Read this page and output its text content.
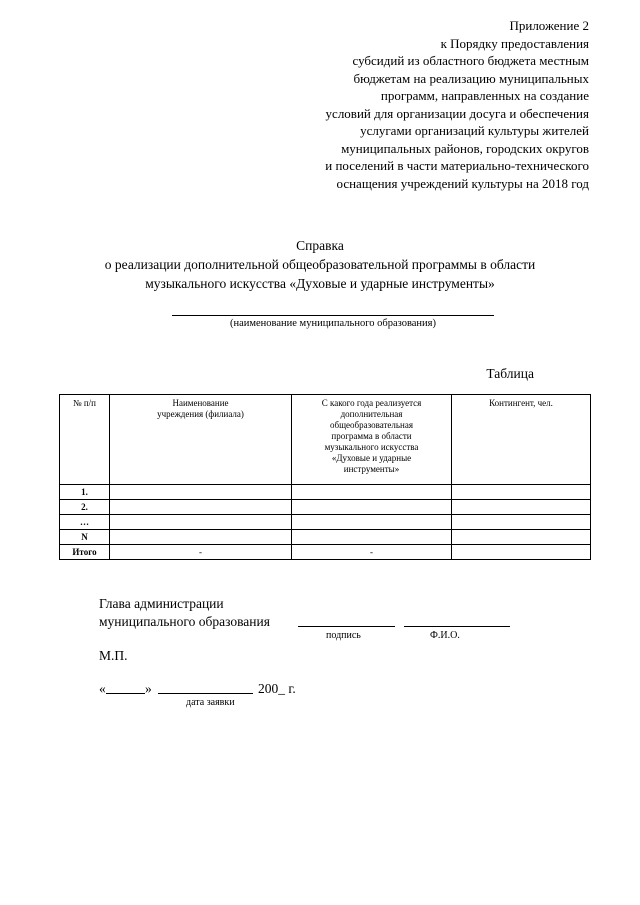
Приложение 2
к Порядку предоставления
субсидий из областного бюджета местным
бюджетам на реализацию муниципальных
программ, направленных на создание
условий для организации досуга и обеспечения
услугами организаций культуры жителей
муниципальных районов, городских округов
и поселений в части материально-технического
оснащения учреждений культуры на 2018 год
Справка
о реализации дополнительной общеобразовательной программы в области
музыкального искусства «Духовые и ударные инструменты»
(наименование муниципального образования)
Таблица
№ п/п	Наименование учреждения (филиала)	С какого года реализуется дополнительная общеобразовательная программа в области музыкального искусства «Духовые и ударные инструменты»	Контингент, чел.
1.			
2.			
…			
N			
Итого	-	-	
Глава администрации
муниципального образования
подпись	Ф.И.О.
М.П.
«	»	200_ г.
дата заявки
